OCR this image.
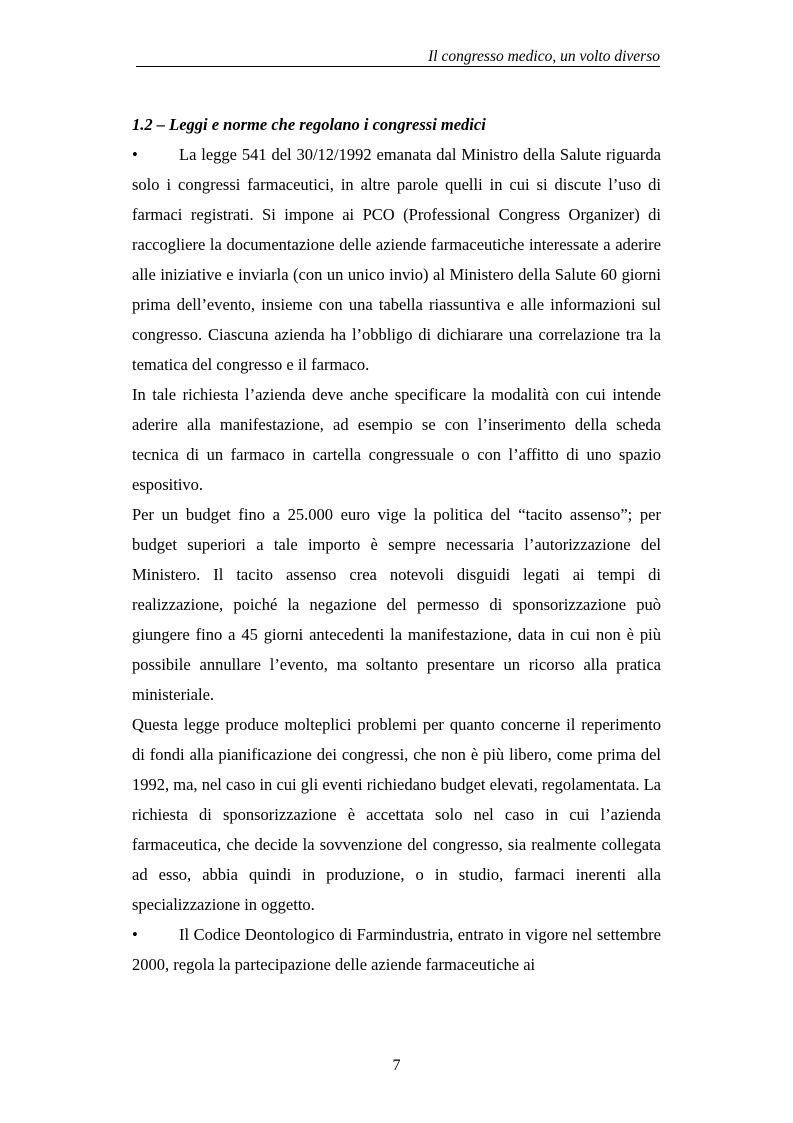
Il congresso medico, un volto diverso
1.2 – Leggi e norme che regolano i congressi medici

• La legge 541 del 30/12/1992 emanata dal Ministro della Salute riguarda solo i congressi farmaceutici, in altre parole quelli in cui si discute l’uso di farmaci registrati. Si impone ai PCO (Professional Congress Organizer) di raccogliere la documentazione delle aziende farmaceutiche interessate a aderire alle iniziative e inviarla (con un unico invio) al Ministero della Salute 60 giorni prima dell’evento, insieme con una tabella riassuntiva e alle informazioni sul congresso. Ciascuna azienda ha l’obbligo di dichiarare una correlazione tra la tematica del congresso e il farmaco.

In tale richiesta l’azienda deve anche specificare la modalità con cui intende aderire alla manifestazione, ad esempio se con l’inserimento della scheda tecnica di un farmaco in cartella congressuale o con l’affitto di uno spazio espositivo.

Per un budget fino a 25.000 euro vige la politica del “tacito assenso”; per budget superiori a tale importo è sempre necessaria l’autorizzazione del Ministero. Il tacito assenso crea notevoli disguidi legati ai tempi di realizzazione, poiché la negazione del permesso di sponsorizzazione può giungere fino a 45 giorni antecedenti la manifestazione, data in cui non è più possibile annullare l’evento, ma soltanto presentare un ricorso alla pratica ministeriale.

Questa legge produce molteplici problemi per quanto concerne il reperimento di fondi alla pianificazione dei congressi, che non è più libero, come prima del 1992, ma, nel caso in cui gli eventi richiedano budget elevati, regolamentata. La richiesta di sponsorizzazione è accettata solo nel caso in cui l’azienda farmaceutica, che decide la sovvenzione del congresso, sia realmente collegata ad esso, abbia quindi in produzione, o in studio, farmaci inerenti alla specializzazione in oggetto.

• Il Codice Deontologico di Farmindustria, entrato in vigore nel settembre 2000, regola la partecipazione delle aziende farmaceutiche ai

7
